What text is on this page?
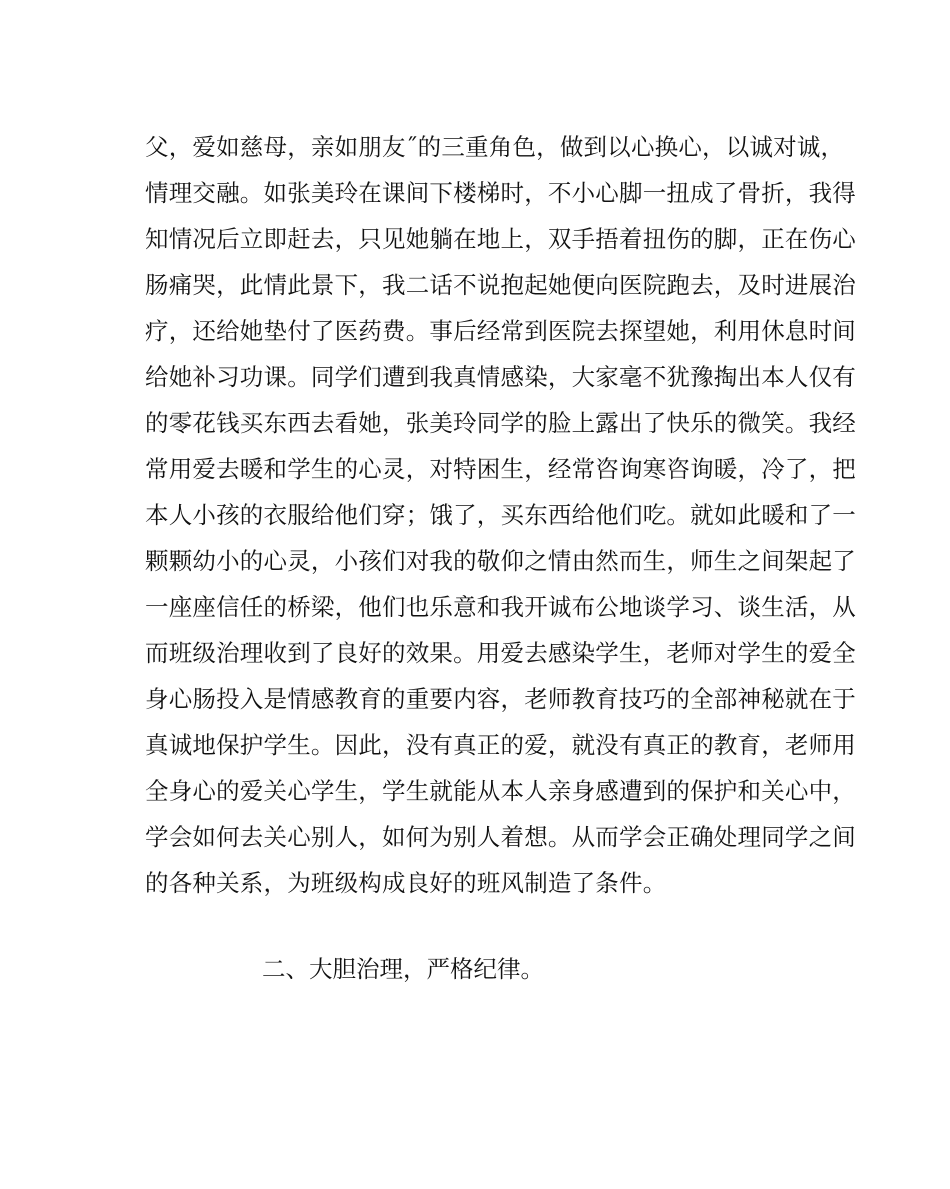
父，爱如慈母，亲如朋友˝的三重角色，做到以心换心，以诚对诚，
情理交融。如张美玲在课间下楼梯时，不小心脚一扭成了骨折，我得
知情况后立即赶去，只见她躺在地上，双手捂着扭伤的脚，正在伤心
肠痛哭，此情此景下，我二话不说抱起她便向医院跑去，及时进展治
疗，还给她垫付了医药费。事后经常到医院去探望她，利用休息时间
给她补习功课。同学们遭到我真情感染，大家毫不犹豫掏出本人仅有
的零花钱买东西去看她，张美玲同学的脸上露出了快乐的微笑。我经
常用爱去暖和学生的心灵，对特困生，经常咨询寒咨询暖，冷了，把
本人小孩的衣服给他们穿；饿了，买东西给他们吃。就如此暖和了一
颗颗幼小的心灵，小孩们对我的敬仰之情由然而生，师生之间架起了
一座座信任的桥梁，他们也乐意和我开诚布公地谈学习、谈生活，从
而班级治理收到了良好的效果。用爱去感染学生，老师对学生的爱全
身心肠投入是情感教育的重要内容，老师教育技巧的全部神秘就在于
真诚地保护学生。因此，没有真正的爱，就没有真正的教育，老师用
全身心的爱关心学生，学生就能从本人亲身感遭到的保护和关心中，
学会如何去关心别人，如何为别人着想。从而学会正确处理同学之间
的各种关系，为班级构成良好的班风制造了条件。
二、大胆治理，严格纪律。
